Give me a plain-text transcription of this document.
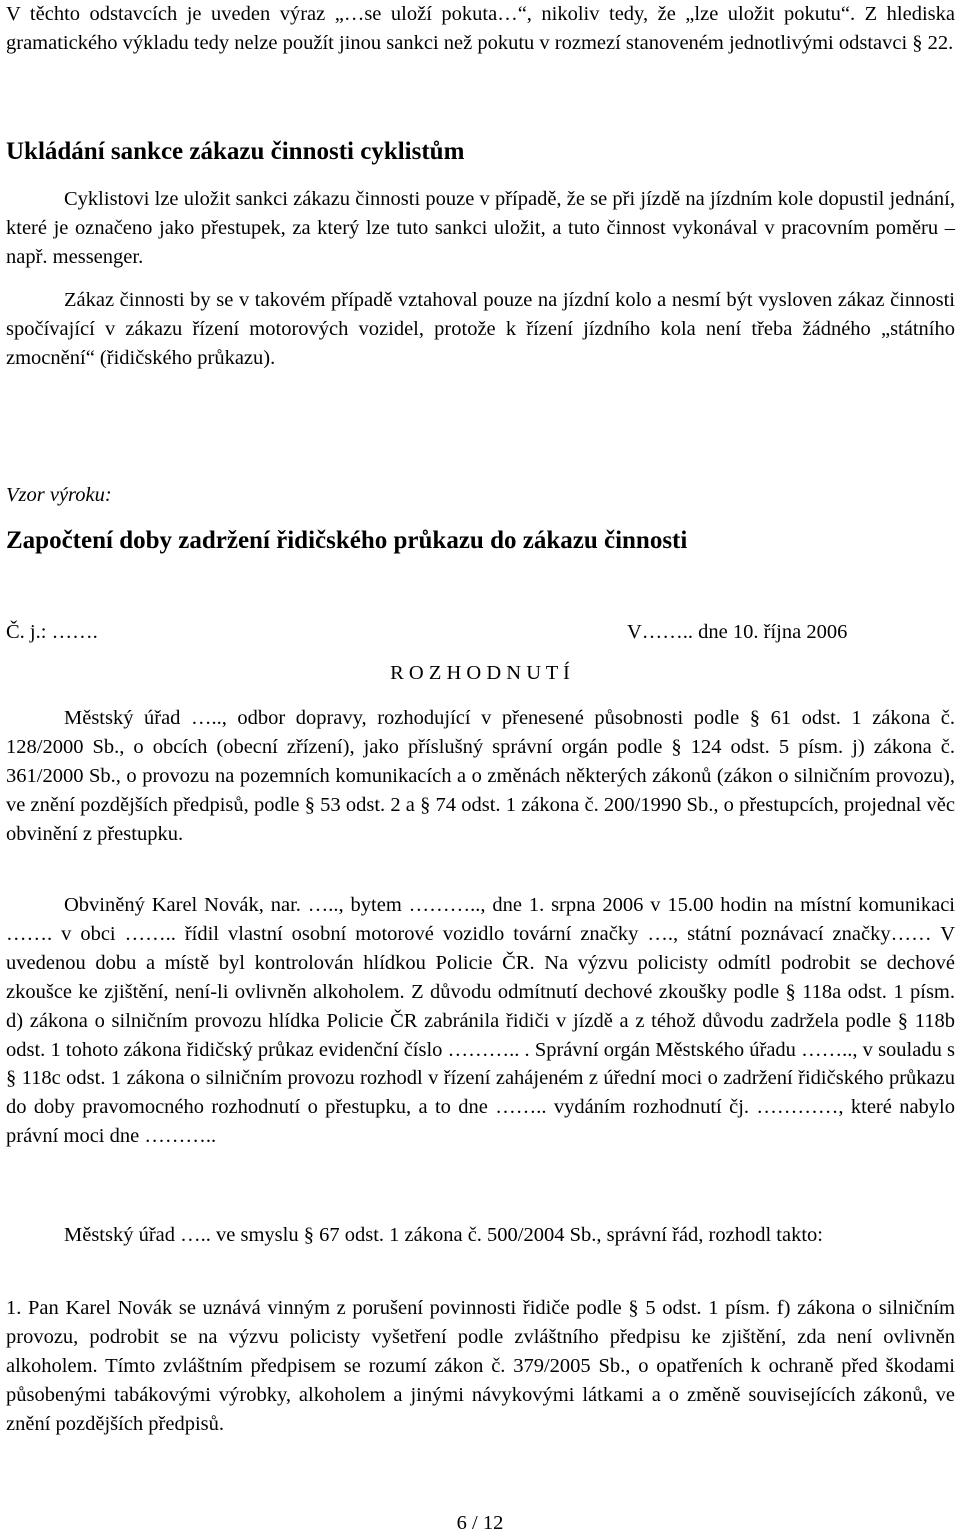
V těchto odstavcích je uveden výraz „…se uloží pokuta…“, nikoliv tedy, že „lze uložit pokutu“. Z hlediska gramatického výkladu tedy nelze použít jinou sankci než pokutu v rozmezí stanoveném jednotlivými odstavci § 22.

Ukládání sankce zákazu činnosti cyklistům

Cyklistovi lze uložit sankci zákazu činnosti pouze v případě, že se při jízdě na jízdním kole dopustil jednání, které je označeno jako přestupek, za který lze tuto sankci uložit, a tuto činnost vykonával v pracovním poměru – např. messenger.

Zákaz činnosti by se v takovém případě vztahoval pouze na jízdní kolo a nesmí být vysloven zákaz činnosti spočívající v zákazu řízení motorových vozidel, protože k řízení jízdního kola není třeba žádného „státního zmocnění“ (řidičského průkazu).

Vzor výroku:

Započtení doby zadržení řidičského průkazu do zákazu činnosti

Č. j.: …….	V…….. dne 10. října 2006

R O Z H O D N U T Í

Městský úřad ….., odbor dopravy, rozhodující v přenesené působnosti podle § 61 odst. 1 zákona č. 128/2000 Sb., o obcích (obecní zřízení), jako příslušný správní orgán podle § 124 odst. 5 písm. j) zákona č. 361/2000 Sb., o provozu na pozemních komunikacích a o změnách některých zákonů (zákon o silničním provozu), ve znění pozdějších předpisů, podle § 53 odst. 2 a § 74 odst. 1 zákona č. 200/1990 Sb., o přestupcích, projednal věc obvinění z přestupku.

Obviněný Karel Novák, nar. ….., bytem ……….., dne 1. srpna 2006 v 15.00 hodin na místní komunikaci ……. v obci …….. řídil vlastní osobní motorové vozidlo tovární značky …., státní poznávací značky…… V uvedenou dobu a místě byl kontrolován hlídkou Policie ČR. Na výzvu policisty odmítl podrobit se dechové zkoušce ke zjištění, není-li ovlivněn alkoholem. Z důvodu odmítnutí dechové zkoušky podle § 118a odst. 1 písm. d) zákona o silničním provozu hlídka Policie ČR zabránila řidiči v jízdě a z téhož důvodu zadržela podle § 118b odst. 1 tohoto zákona řidičský průkaz evidenční číslo ……….. . Správní orgán Městského úřadu …….., v souladu s § 118c odst. 1 zákona o silničním provozu rozhodl v řízení zahájeném z úřední moci o zadržení řidičského průkazu do doby pravomocného rozhodnutí o přestupku, a to dne …….. vydáním rozhodnutí čj. …………, které nabylo právní moci dne ………..

Městský úřad ….. ve smyslu § 67 odst. 1 zákona č. 500/2004 Sb., správní řád, rozhodl takto:

1. Pan Karel Novák se uznává vinným z porušení povinnosti řidiče podle § 5 odst. 1 písm. f) zákona o silničním provozu, podrobit se na výzvu policisty vyšetření podle zvláštního předpisu ke zjištění, zda není ovlivněn alkoholem. Tímto zvláštním předpisem se rozumí zákon č. 379/2005 Sb., o opatřeních k ochraně před škodami působenými tabákovými výrobky, alkoholem a jinými návykovými látkami a o změně souvisejících zákonů, ve znění pozdějších předpisů.

6 / 12
